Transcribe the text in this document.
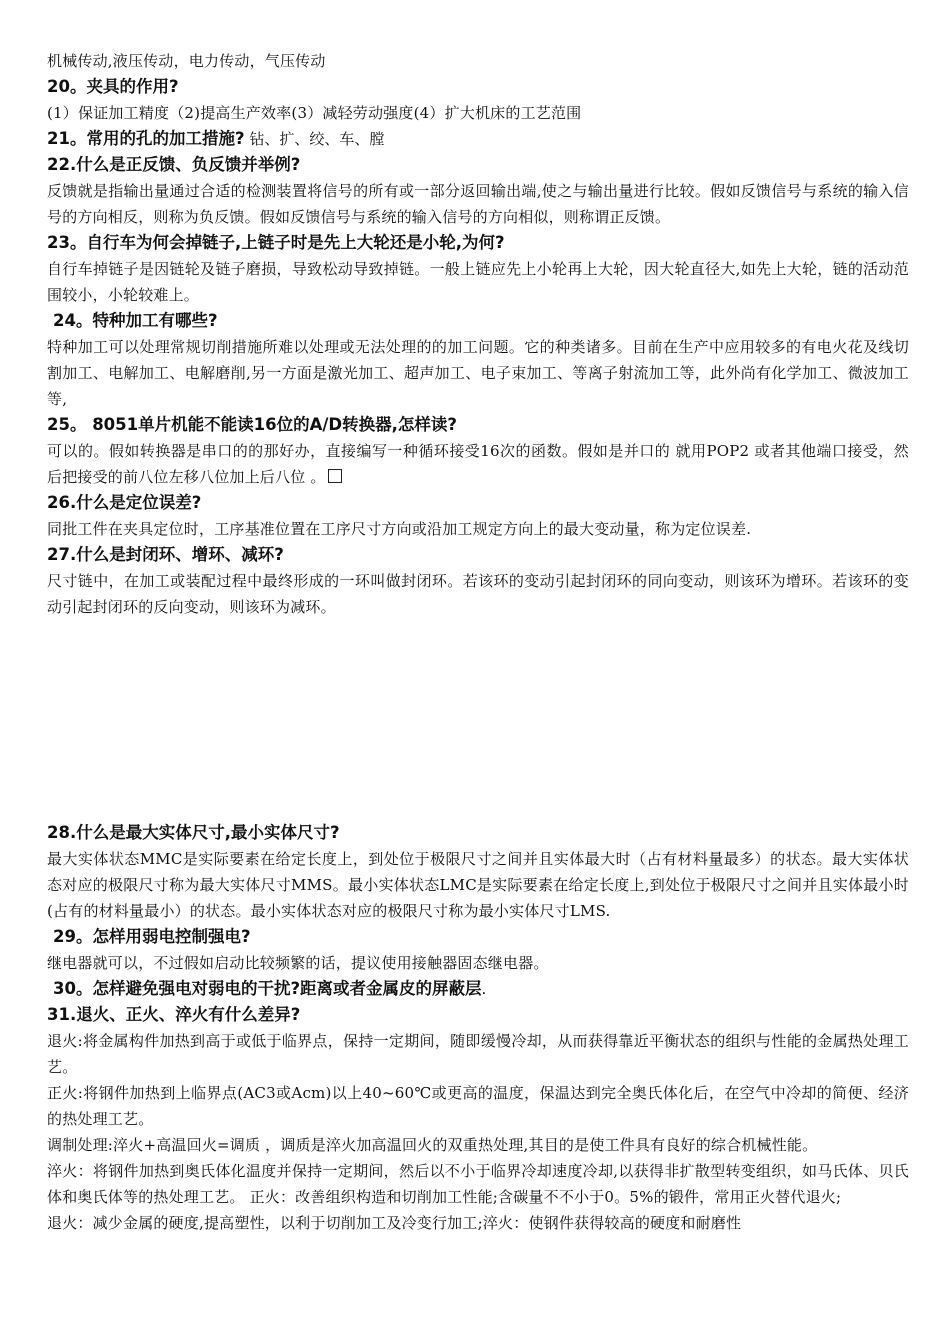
机械传动,液压传动，电力传动，气压传动
20。夹具的作用?
(1）保证加工精度（2)提高生产效率(3）减轻劳动强度(4）扩大机床的工艺范围
21。常用的孔的加工措施? 钻、扩、绞、车、膛
22.什么是正反馈、负反馈并举例?
反馈就是指输出量通过合适的检测装置将信号的所有或一部分返回输出端,使之与输出量进行比较。假如反馈信号与系统的输入信号的方向相反，则称为负反馈。假如反馈信号与系统的输入信号的方向相似，则称谓正反馈。
23。自行车为何会掉链子,上链子时是先上大轮还是小轮,为何?
自行车掉链子是因链轮及链子磨损，导致松动导致掉链。一般上链应先上小轮再上大轮，因大轮直径大,如先上大轮，链的活动范围较小，小轮较难上。
24。特种加工有哪些?
特种加工可以处理常规切削措施所难以处理或无法处理的的加工问题。它的种类诸多。目前在生产中应用较多的有电火花及线切割加工、电解加工、电解磨削,另一方面是激光加工、超声加工、电子束加工、等离子射流加工等，此外尚有化学加工、微波加工等,
25。 8051单片机能不能读16位的A/D转换器,怎样读?
可以的。假如转换器是串口的的那好办，直接编写一种循环接受16次的函数。假如是并口的 就用POP2 或者其他端口接受，然后把接受的前八位左移八位加上后八位 。
26.什么是定位误差?
同批工件在夹具定位时，工序基准位置在工序尺寸方向或沿加工规定方向上的最大变动量，称为定位误差.
27.什么是封闭环、增环、减环?
尺寸链中，在加工或装配过程中最终形成的一环叫做封闭环。若该环的变动引起封闭环的同向变动，则该环为增环。若该环的变动引起封闭环的反向变动，则该环为减环。
28.什么是最大实体尺寸,最小实体尺寸?
最大实体状态MMC是实际要素在给定长度上，到处位于极限尺寸之间并且实体最大时（占有材料量最多）的状态。最大实体状态对应的极限尺寸称为最大实体尺寸MMS。最小实体状态LMC是实际要素在给定长度上,到处位于极限尺寸之间并且实体最小时(占有的材料量最小）的状态。最小实体状态对应的极限尺寸称为最小实体尺寸LMS.
29。怎样用弱电控制强电?
继电器就可以，不过假如启动比较频繁的话，提议使用接触器固态继电器。
30。怎样避免强电对弱电的干扰?距离或者金属皮的屏蔽层.
31.退火、正火、淬火有什么差异?
退火:将金属构件加热到高于或低于临界点，保持一定期间，随即缓慢冷却，从而获得靠近平衡状态的组织与性能的金属热处理工艺。
正火:将钢件加热到上临界点(AC3或Acm)以上40~60℃或更高的温度，保温达到完全奥氏体化后，在空气中冷却的简便、经济的热处理工艺。
调制处理:淬火+高温回火=调质 ，调质是淬火加高温回火的双重热处理,其目的是使工件具有良好的综合机械性能。
淬火：将钢件加热到奥氏体化温度并保持一定期间，然后以不小于临界冷却速度冷却,以获得非扩散型转变组织，如马氏体、贝氏体和奥氏体等的热处理工艺。 正火：改善组织构造和切削加工性能;含碳量不不小于0。5%的锻件，常用正火替代退火;
退火：减少金属的硬度,提高塑性，以利于切削加工及冷变行加工;淬火：使钢件获得较高的硬度和耐磨性
